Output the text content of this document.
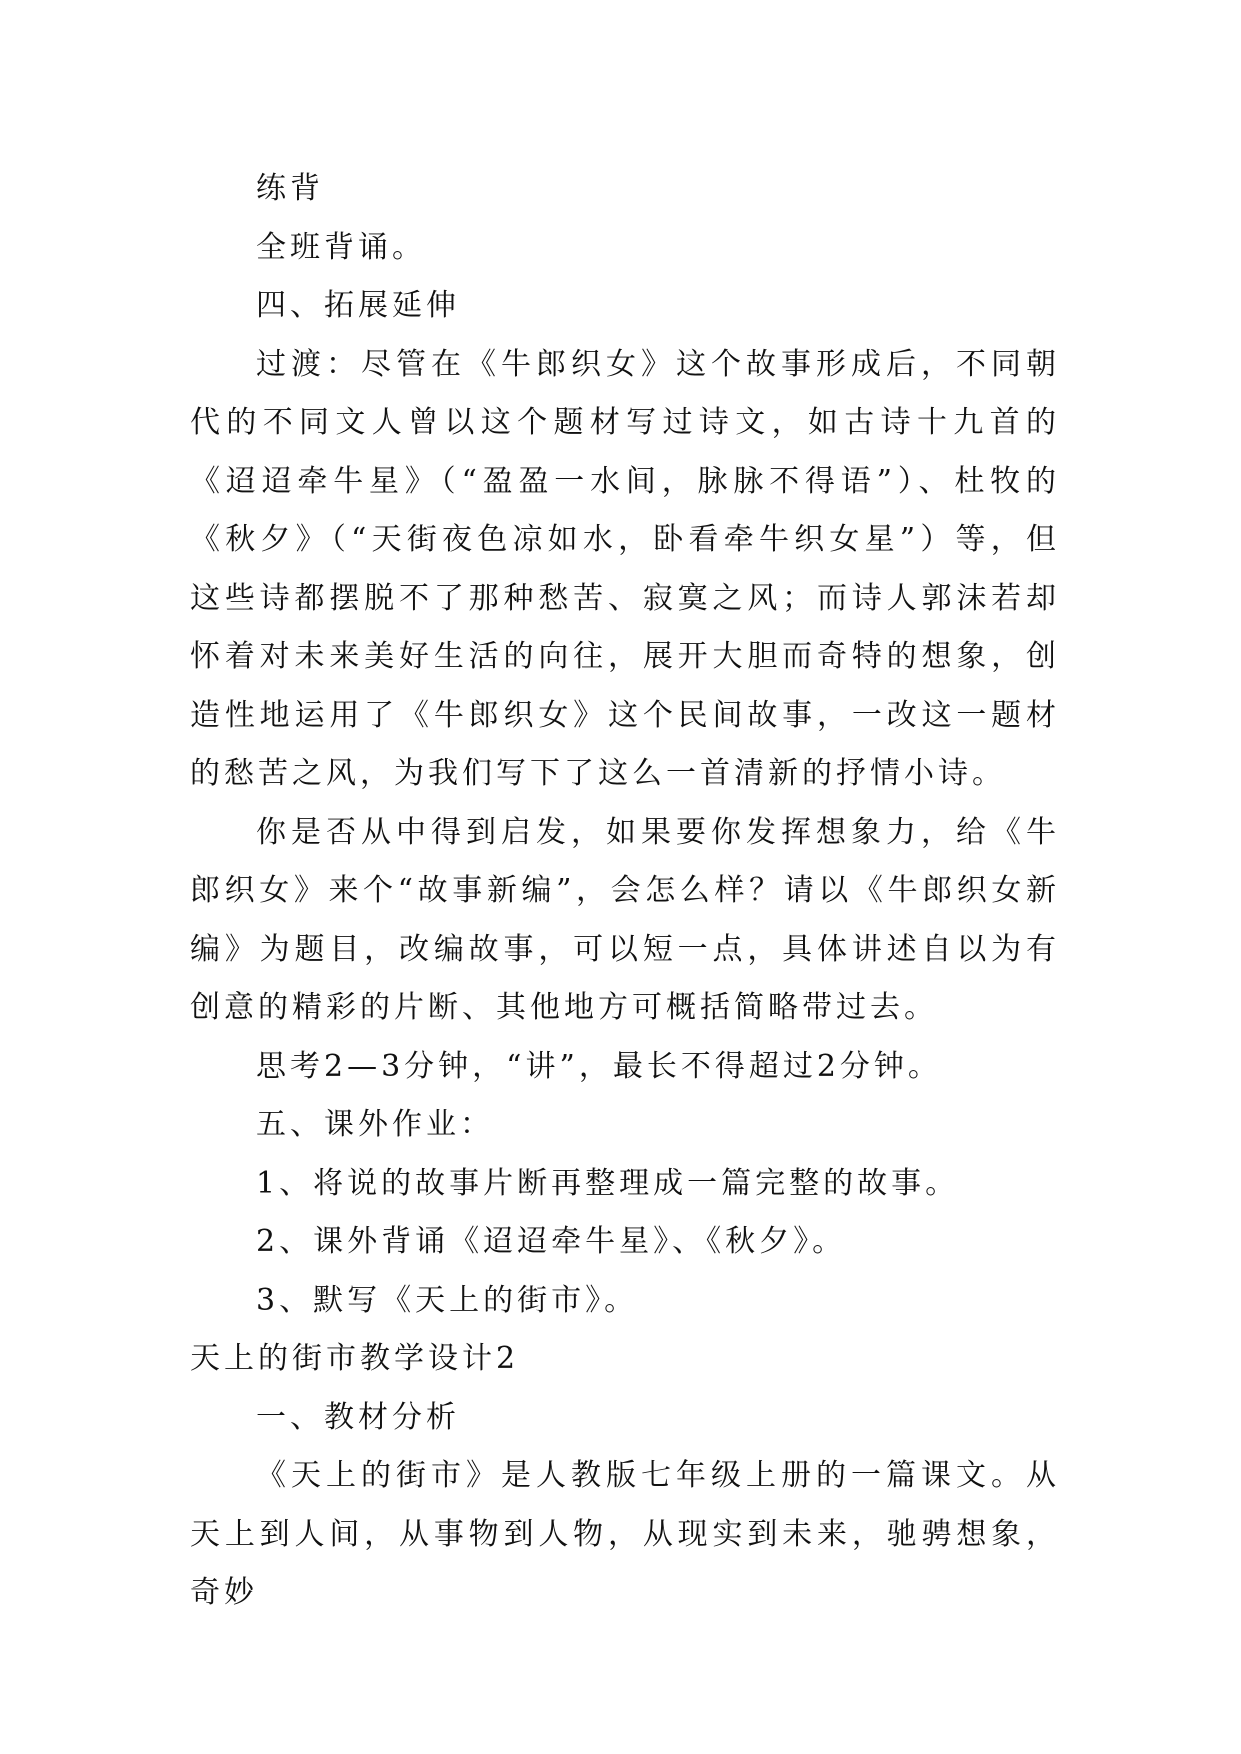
练背

全班背诵。

四、拓展延伸

过渡：尽管在《牛郎织女》这个故事形成后，不同朝代的不同文人曾以这个题材写过诗文，如古诗十九首的《迢迢牵牛星》（“盈盈一水间，脉脉不得语”）、杜牧的《秋夕》（“天街夜色凉如水，卧看牵牛织女星”）等，但这些诗都摆脱不了那种愁苦、寂寞之风；而诗人郭沫若却怀着对未来美好生活的向往，展开大胆而奇特的想象，创造性地运用了《牛郎织女》这个民间故事，一改这一题材的愁苦之风，为我们写下了这么一首清新的抒情小诗。

你是否从中得到启发，如果要你发挥想象力，给《牛郎织女》来个“故事新编”，会怎么样？请以《牛郎织女新编》为题目，改编故事，可以短一点，具体讲述自以为有创意的精彩的片断、其他地方可概括简略带过去。

思考2—3分钟，“讲”，最长不得超过2分钟。

五、课外作业：

1、将说的故事片断再整理成一篇完整的故事。

2、课外背诵《迢迢牵牛星》、《秋夕》。

3、默写《天上的街市》。

天上的街市教学设计2

一、教材分析

《天上的街市》是人教版七年级上册的一篇课文。从天上到人间，从事物到人物，从现实到未来，驰骋想象，奇妙
